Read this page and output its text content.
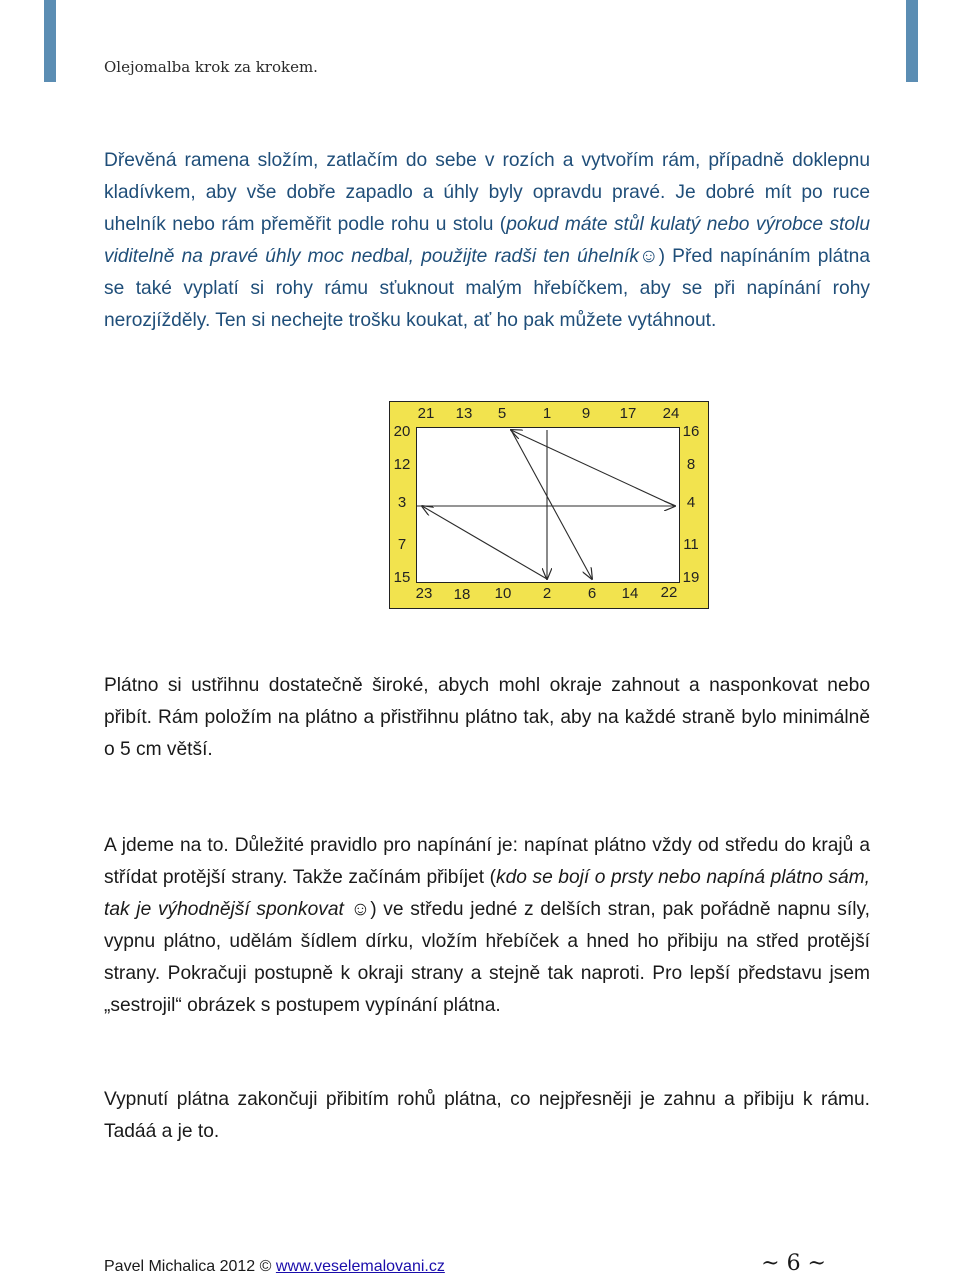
Olejomalba krok za krokem.
Dřevěná ramena složím, zatlačím do sebe v rozích a vytvořím rám, případně doklepnu kladívkem, aby vše dobře zapadlo a úhly byly opravdu pravé. Je dobré mít po ruce uhelník nebo rám přeměřit podle rohu u stolu (pokud máte stůl kulatý nebo výrobce stolu viditelně na pravé úhly moc nedbal, použijte radši ten úhelník☺) Před napínáním plátna se také vyplatí si rohy rámu sťuknout malým hřebíčkem, aby se při napínání rohy nerozjížděly. Ten si nechejte trošku koukat, ať ho pak můžete vytáhnout.
21 13 5 1 9 17 24
23 18 10 2 6 14 22
20
12
3
7
15
16
8
4
11
19
Plátno si ustřihnu dostatečně široké, abych mohl okraje zahnout a nasponkovat nebo přibít. Rám položím na plátno a přistřihnu plátno tak, aby na každé straně bylo minimálně o 5 cm větší.
A jdeme na to. Důležité pravidlo pro napínání je: napínat plátno vždy od středu do krajů a střídat protější strany. Takže začínám přibíjet (kdo se bojí o prsty nebo napíná plátno sám, tak je výhodnější sponkovat ☺) ve středu jedné z delších stran, pak pořádně napnu síly, vypnu plátno, udělám šídlem dírku, vložím hřebíček a hned ho přibiju na střed protější strany. Pokračuji postupně k okraji strany a stejně tak naproti. Pro lepší představu jsem „sestrojil“ obrázek s postupem vypínání plátna.
Vypnutí plátna zakončuji přibitím rohů plátna, co nejpřesněji je zahnu a přibiju k rámu. Tadáá a je to.
Pavel Michalica 2012 © www.veselemalovani.cz	~ 6 ~
